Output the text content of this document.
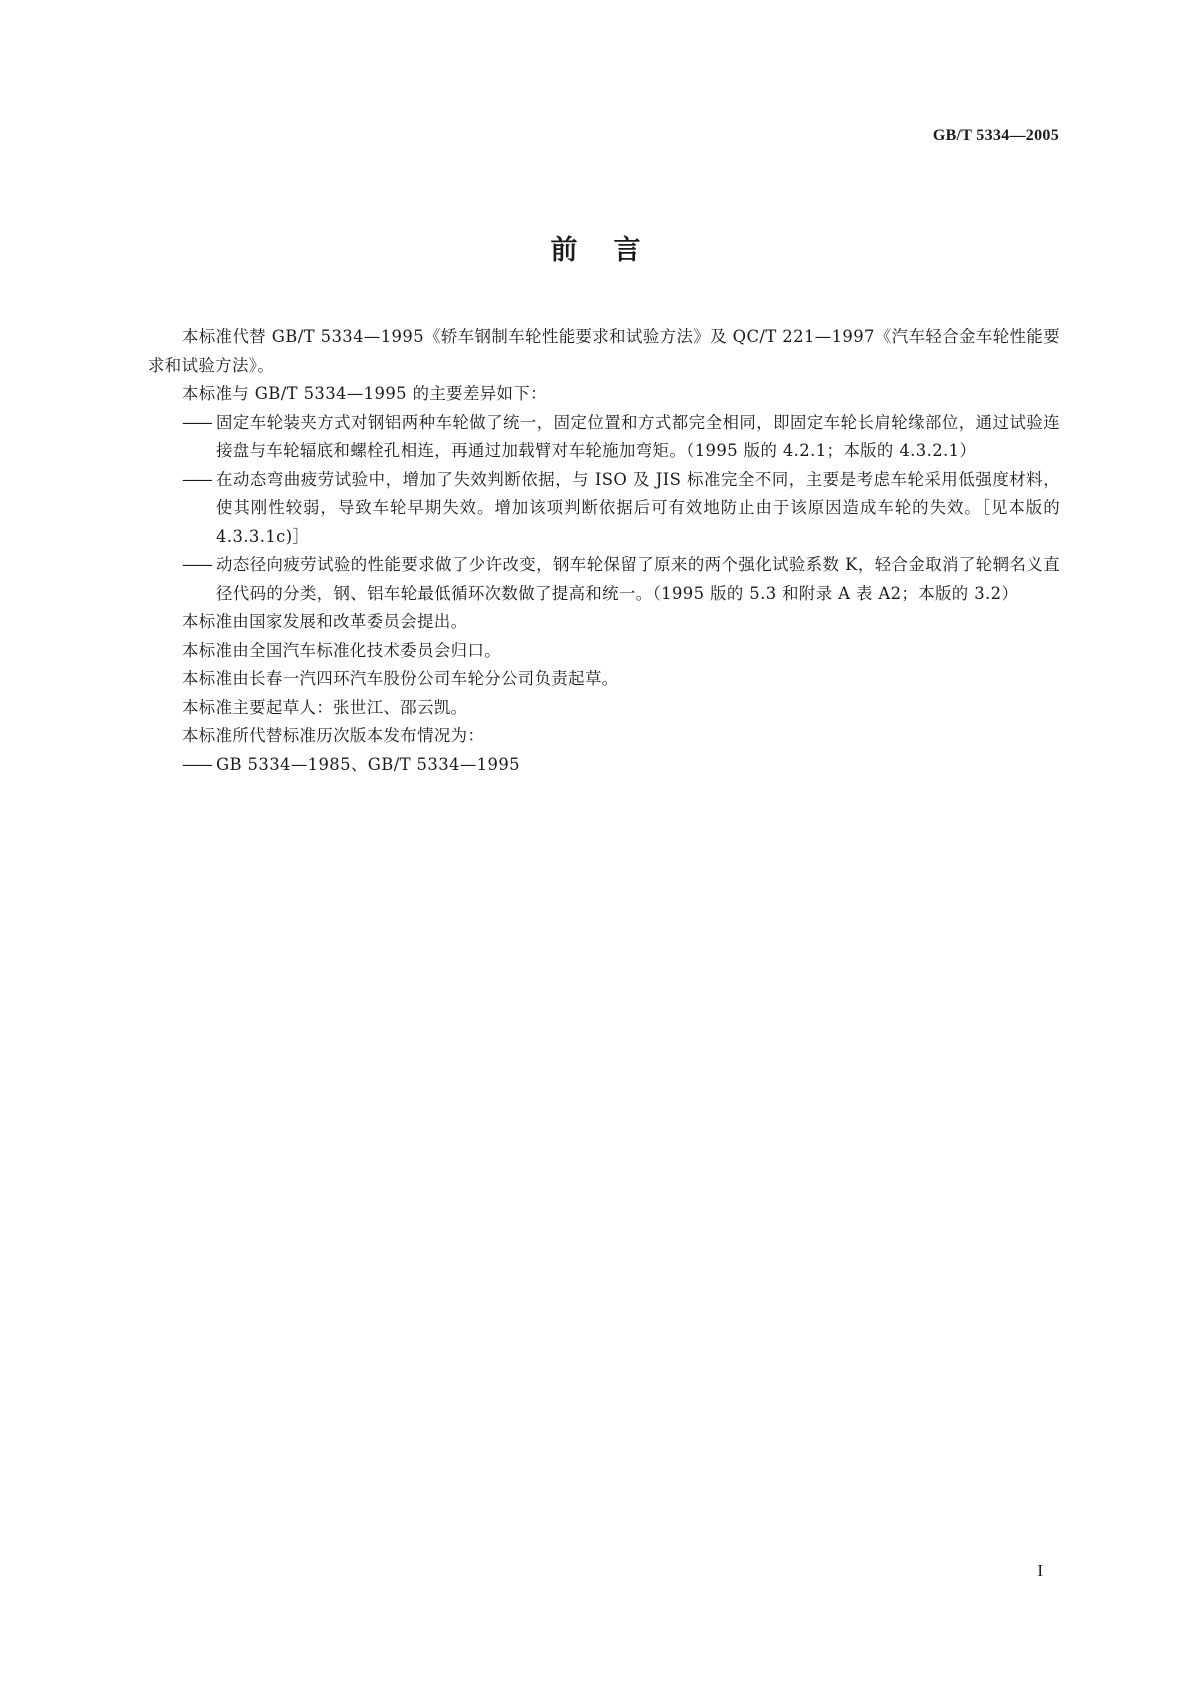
GB/T 5334—2005
前言

本标准代替 GB/T 5334—1995《轿车钢制车轮性能要求和试验方法》及 QC/T 221—1997《汽车轻合金车轮性能要求和试验方法》。

本标准与 GB/T 5334—1995 的主要差异如下：

—— 固定车轮装夹方式对钢铝两种车轮做了统一，固定位置和方式都完全相同，即固定车轮长肩轮缘部位，通过试验连接盘与车轮辐底和螺栓孔相连，再通过加载臂对车轮施加弯矩。（1995 版的 4.2.1；本版的 4.3.2.1）
—— 在动态弯曲疲劳试验中，增加了失效判断依据，与 ISO 及 JIS 标准完全不同，主要是考虑车轮采用低强度材料，使其刚性较弱，导致车轮早期失效。增加该项判断依据后可有效地防止由于该原因造成车轮的失效。［见本版的 4.3.3.1c)］
—— 动态径向疲劳试验的性能要求做了少许改变，钢车轮保留了原来的两个强化试验系数 K，轻合金取消了轮辋名义直径代码的分类，钢、铝车轮最低循环次数做了提高和统一。（1995 版的 5.3 和附录 A 表 A2；本版的 3.2）

本标准由国家发展和改革委员会提出。

本标准由全国汽车标准化技术委员会归口。

本标准由长春一汽四环汽车股份公司车轮分公司负责起草。

本标准主要起草人：张世江、邵云凯。

本标准所代替标准历次版本发布情况为：

—— GB 5334—1985、GB/T 5334—1995
I
